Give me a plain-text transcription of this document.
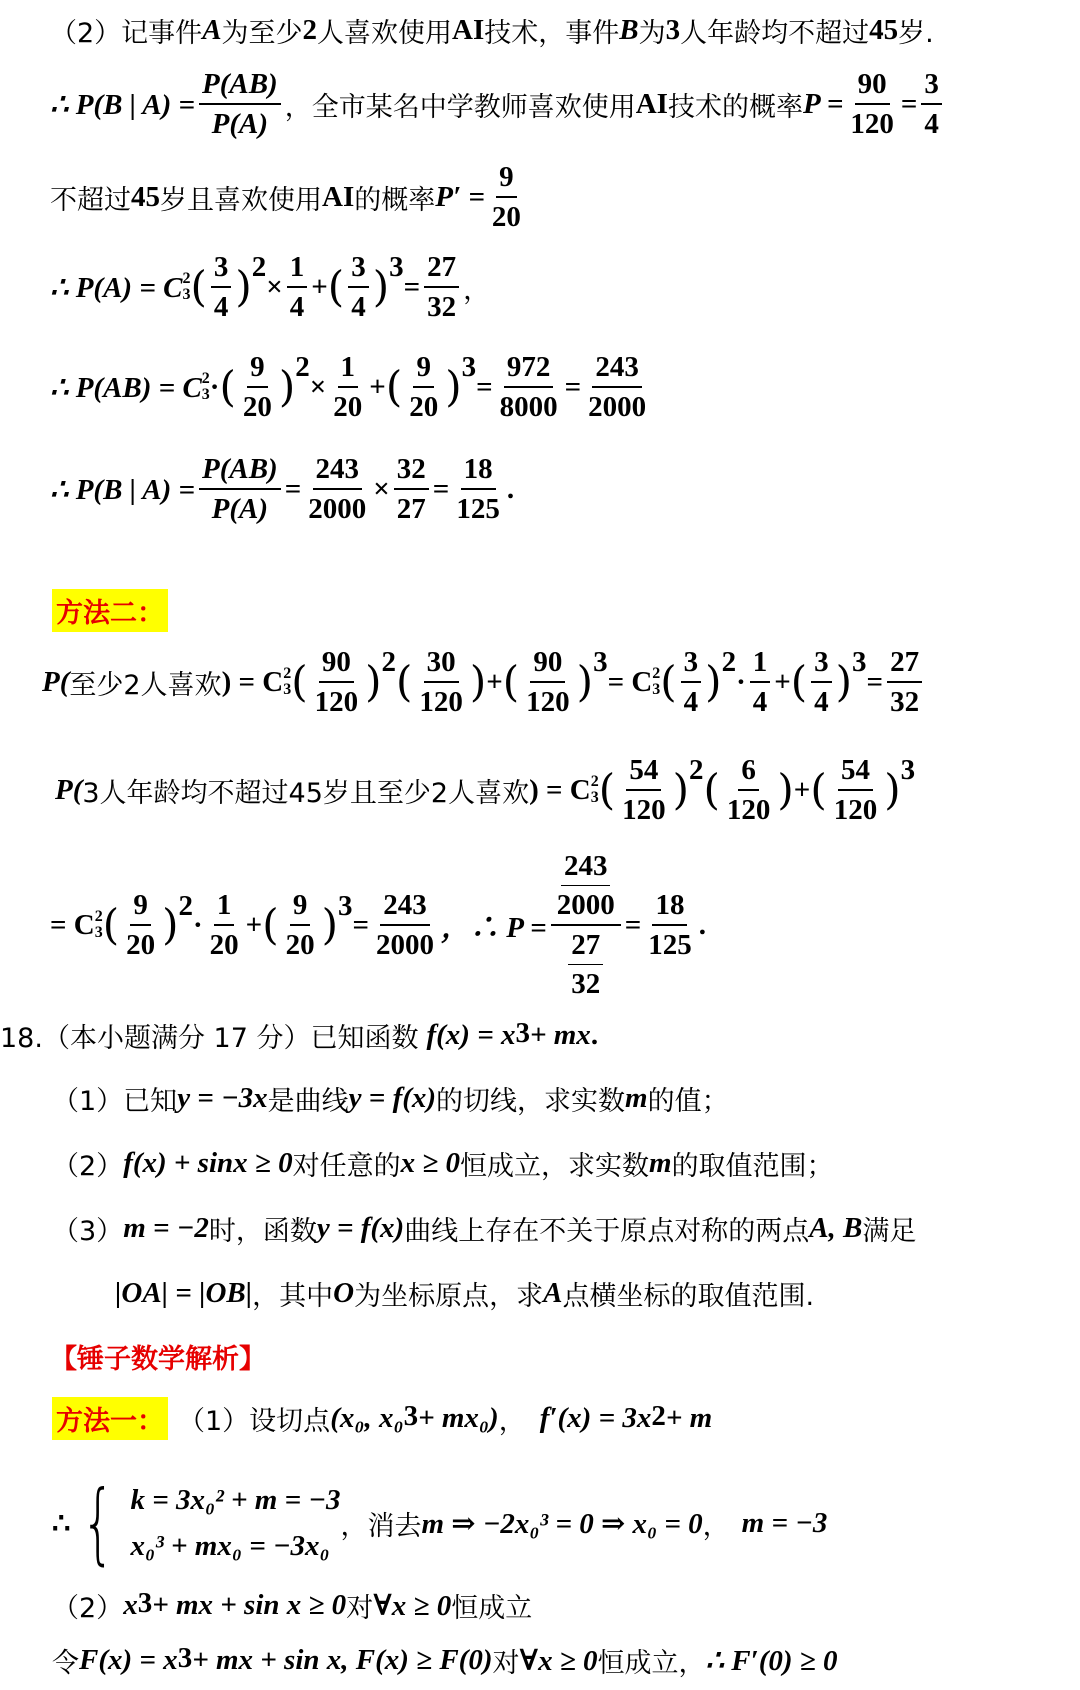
（2）记事件 A 为至少 2 人喜欢使用 AI 技术，事件 B 为 3 人年龄均不超过 45 岁.
∴ P(B | $A) = \frac{P(AB)}{P(A)}$ ，全市某名中学教师喜欢使用 AI 技术的概率 $P = \frac{90}{120} = \frac{3}{4}$
不超过 45 岁且喜欢使用 AI 的概率 $P' = \frac{9}{20}$
∴ P(A) = C 2
3 ( $\frac{3}{4}$ ) 2
× $\frac{1}{4}$ + ( $\frac{3}{4}$ ) 3
= $\frac{27}{32}$ ，
∴ P(AB) = C 2
3 · ( $\frac{9}{20}$ ) 2
× $\frac{1}{20}$ + ( $\frac{9}{20}$ ) 3
= $\frac{972}{8000} = \frac{243}{2000}$
∴ P(B | $A) = \frac{P(AB)}{P(A)} = \frac{243}{2000} \times \frac{32}{27} = \frac{18}{125}$ .
方法二：
P( 至少2人喜欢 ) = C 2
3 ( $\frac{90}{120}$ ) 2 ( $\frac{30}{120}$ ) + ( $\frac{90}{120}$ ) 3
= C 2
3 ( $\frac{3}{4}$ ) 2
· $\frac{1}{4}$ + ( $\frac{3}{4}$ ) 3
= $\frac{27}{32}$
P( 3人年龄均不超过45岁且至少2人喜欢 ) = C 2
3 ( $\frac{54}{120}$ ) 2 ( $\frac{6}{120}$ ) + ( $\frac{54}{120}$ ) 3
= C 2
3 ( $\frac{9}{20}$ ) 2
· $\frac{1}{20}$ + ( $\frac{9}{20}$ ) 3
= $\frac{243}{2000}$ ，∴ $P = \frac{\frac{243}{2000}}{\frac{27}{32}} = \frac{18}{125}$ .
18.（本小题满分 17 分）已知函数 f(x) = x 3 + mx .
（1）已知 y = −3x 是曲线 y = f(x) 的切线，求实数 m 的值；
（2） f(x) + sinx ≥ 0 对任意的 x ≥ 0 恒成立，求实数 m 的取值范围；
（3） m = −2 时，函数 y = f(x) 曲线上存在不关于原点对称的两点 A, B 满足
|OA| = |OB| ，其中 O 为坐标原点，求 A 点横坐标的取值范围.
【锤子数学解析】
方法一： （1）设切点 (x₀, x₀ 3 + mx₀) ， f′(x) = 3x 2 + m
∴ { k = 3x₀² + m = −3
x₀³ + mx₀ = −3x₀
，消去 m ⇒ −2x₀³ = 0 ⇒ x₀ = 0 ， m = −3
（2） x 3 + mx + sin x ≥ 0 对 ∀x ≥ 0 恒成立
令 F(x) = x 3 + mx + sin x, F(x) ≥ F(0) 对 ∀x ≥ 0 恒成立， ∴ F′(0) ≥ 0
